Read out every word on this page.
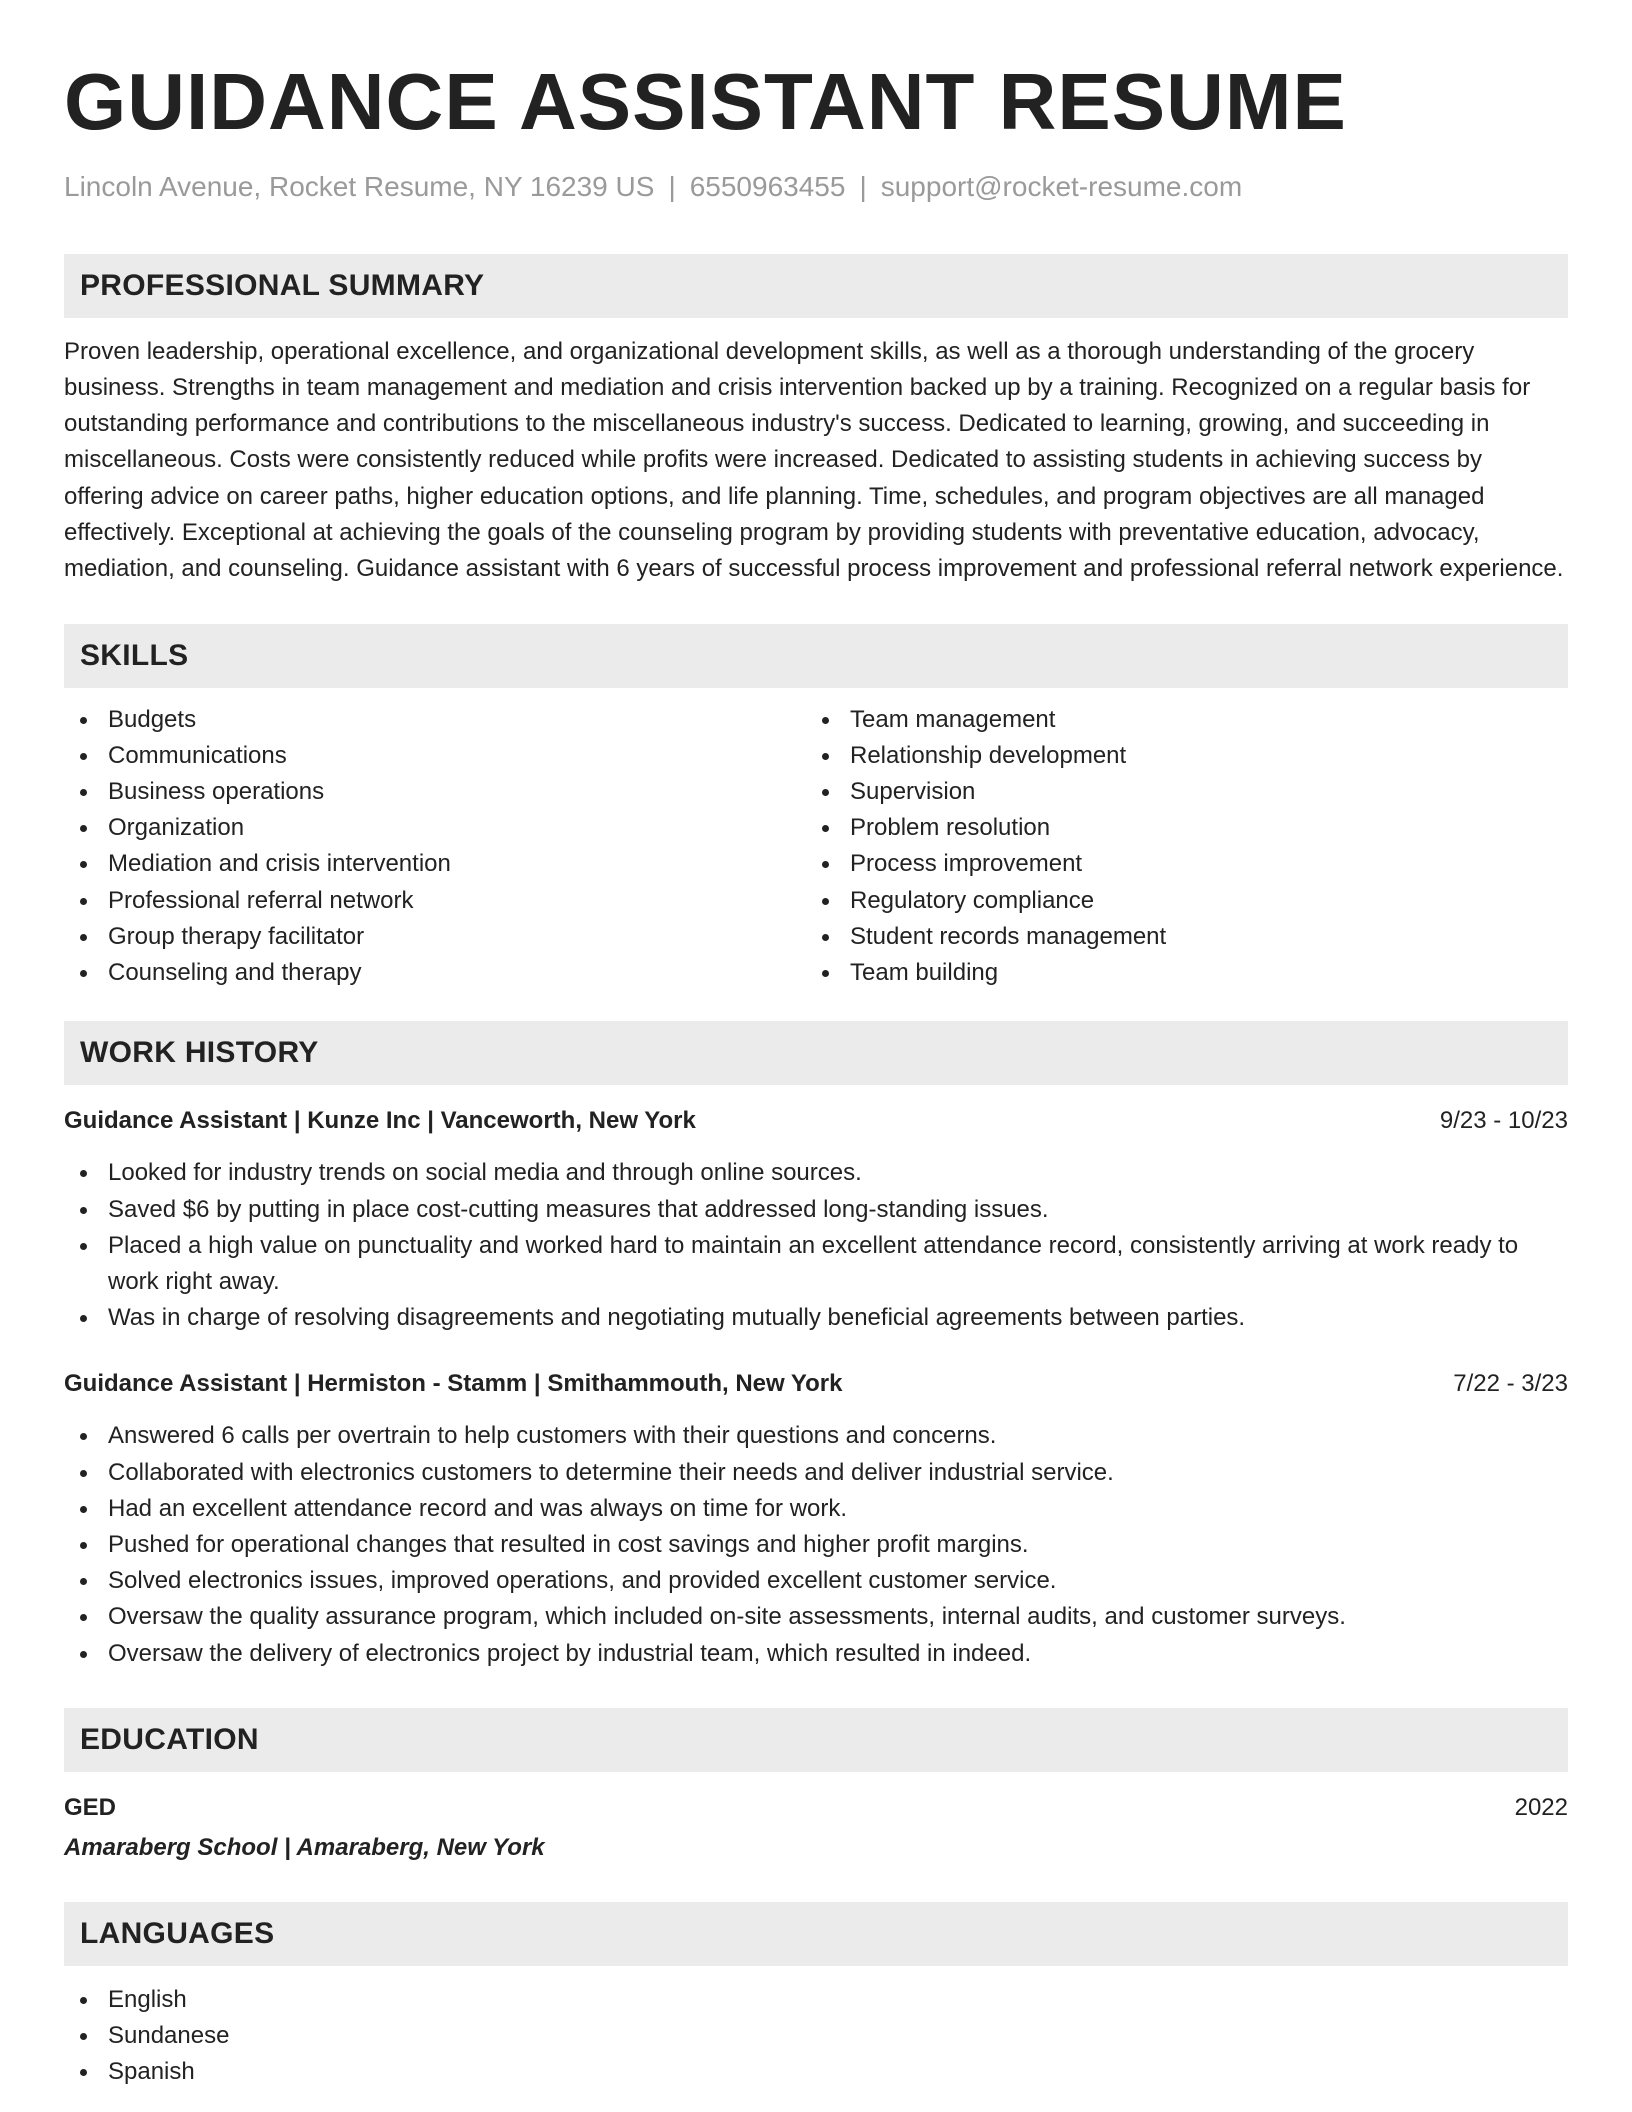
GUIDANCE ASSISTANT RESUME
Lincoln Avenue, Rocket Resume, NY 16239 US | 6550963455 | support@rocket-resume.com
PROFESSIONAL SUMMARY
Proven leadership, operational excellence, and organizational development skills, as well as a thorough understanding of the grocery business. Strengths in team management and mediation and crisis intervention backed up by a training. Recognized on a regular basis for outstanding performance and contributions to the miscellaneous industry's success. Dedicated to learning, growing, and succeeding in miscellaneous. Costs were consistently reduced while profits were increased. Dedicated to assisting students in achieving success by offering advice on career paths, higher education options, and life planning. Time, schedules, and program objectives are all managed effectively. Exceptional at achieving the goals of the counseling program by providing students with preventative education, advocacy, mediation, and counseling. Guidance assistant with 6 years of successful process improvement and professional referral network experience.
SKILLS
Budgets
Communications
Business operations
Organization
Mediation and crisis intervention
Professional referral network
Group therapy facilitator
Counseling and therapy
Team management
Relationship development
Supervision
Problem resolution
Process improvement
Regulatory compliance
Student records management
Team building
WORK HISTORY
Guidance Assistant | Kunze Inc | Vanceworth, New York	9/23 - 10/23
Looked for industry trends on social media and through online sources.
Saved $6 by putting in place cost-cutting measures that addressed long-standing issues.
Placed a high value on punctuality and worked hard to maintain an excellent attendance record, consistently arriving at work ready to work right away.
Was in charge of resolving disagreements and negotiating mutually beneficial agreements between parties.
Guidance Assistant | Hermiston - Stamm | Smithammouth, New York	7/22 - 3/23
Answered 6 calls per overtrain to help customers with their questions and concerns.
Collaborated with electronics customers to determine their needs and deliver industrial service.
Had an excellent attendance record and was always on time for work.
Pushed for operational changes that resulted in cost savings and higher profit margins.
Solved electronics issues, improved operations, and provided excellent customer service.
Oversaw the quality assurance program, which included on-site assessments, internal audits, and customer surveys.
Oversaw the delivery of electronics project by industrial team, which resulted in indeed.
EDUCATION
GED	2022
Amaraberg School | Amaraberg, New York
LANGUAGES
English
Sundanese
Spanish
